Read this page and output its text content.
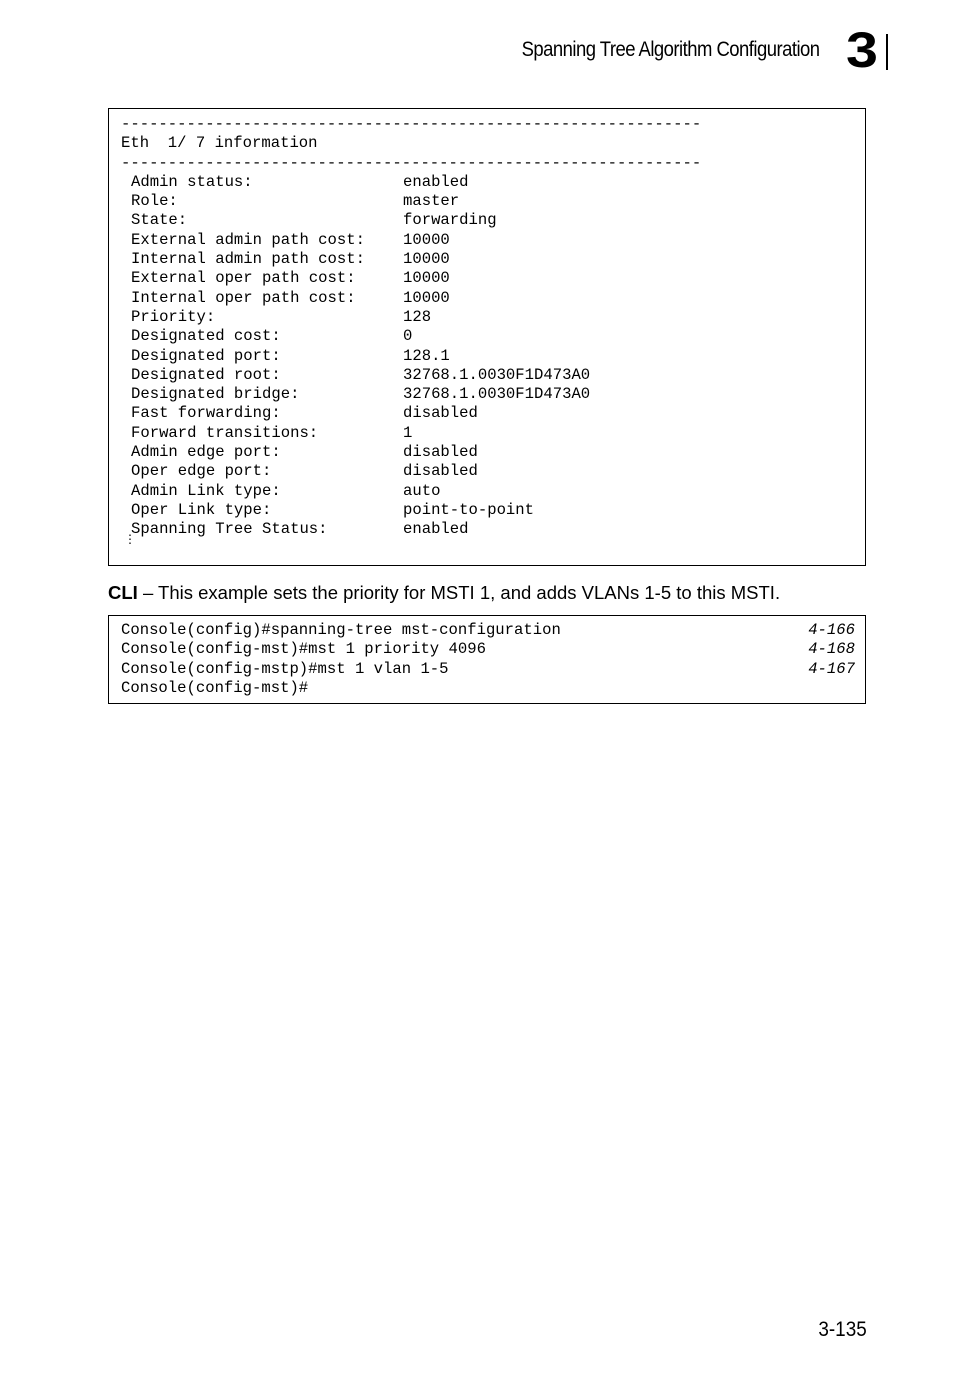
Spanning Tree Algorithm Configuration 3
--------------------------------------------------------------
Eth  1/ 7 information
--------------------------------------------------------------
Admin status:	enabled
Role:	master
State:	forwarding
External admin path cost: 10000
Internal admin path cost: 10000
External oper path cost:	10000
Internal oper path cost:	10000
Priority:	128
Designated cost:	0
Designated port:	128.1
Designated root:	32768.1.0030F1D473A0
Designated bridge:	32768.1.0030F1D473A0
Fast forwarding:	disabled
Forward transitions:	1
Admin edge port:	disabled
Oper edge port:	disabled
Admin Link type:	auto
Oper Link type:	point-to-point
Spanning Tree Status:	enabled
⋮
CLI – This example sets the priority for MSTI 1, and adds VLANs 1-5 to this MSTI.
Console(config)#spanning-tree mst-configuration	4-166
Console(config-mst)#mst 1 priority 4096	4-168
Console(config-mstp)#mst 1 vlan 1-5	4-167
Console(config-mst)#
3-135
